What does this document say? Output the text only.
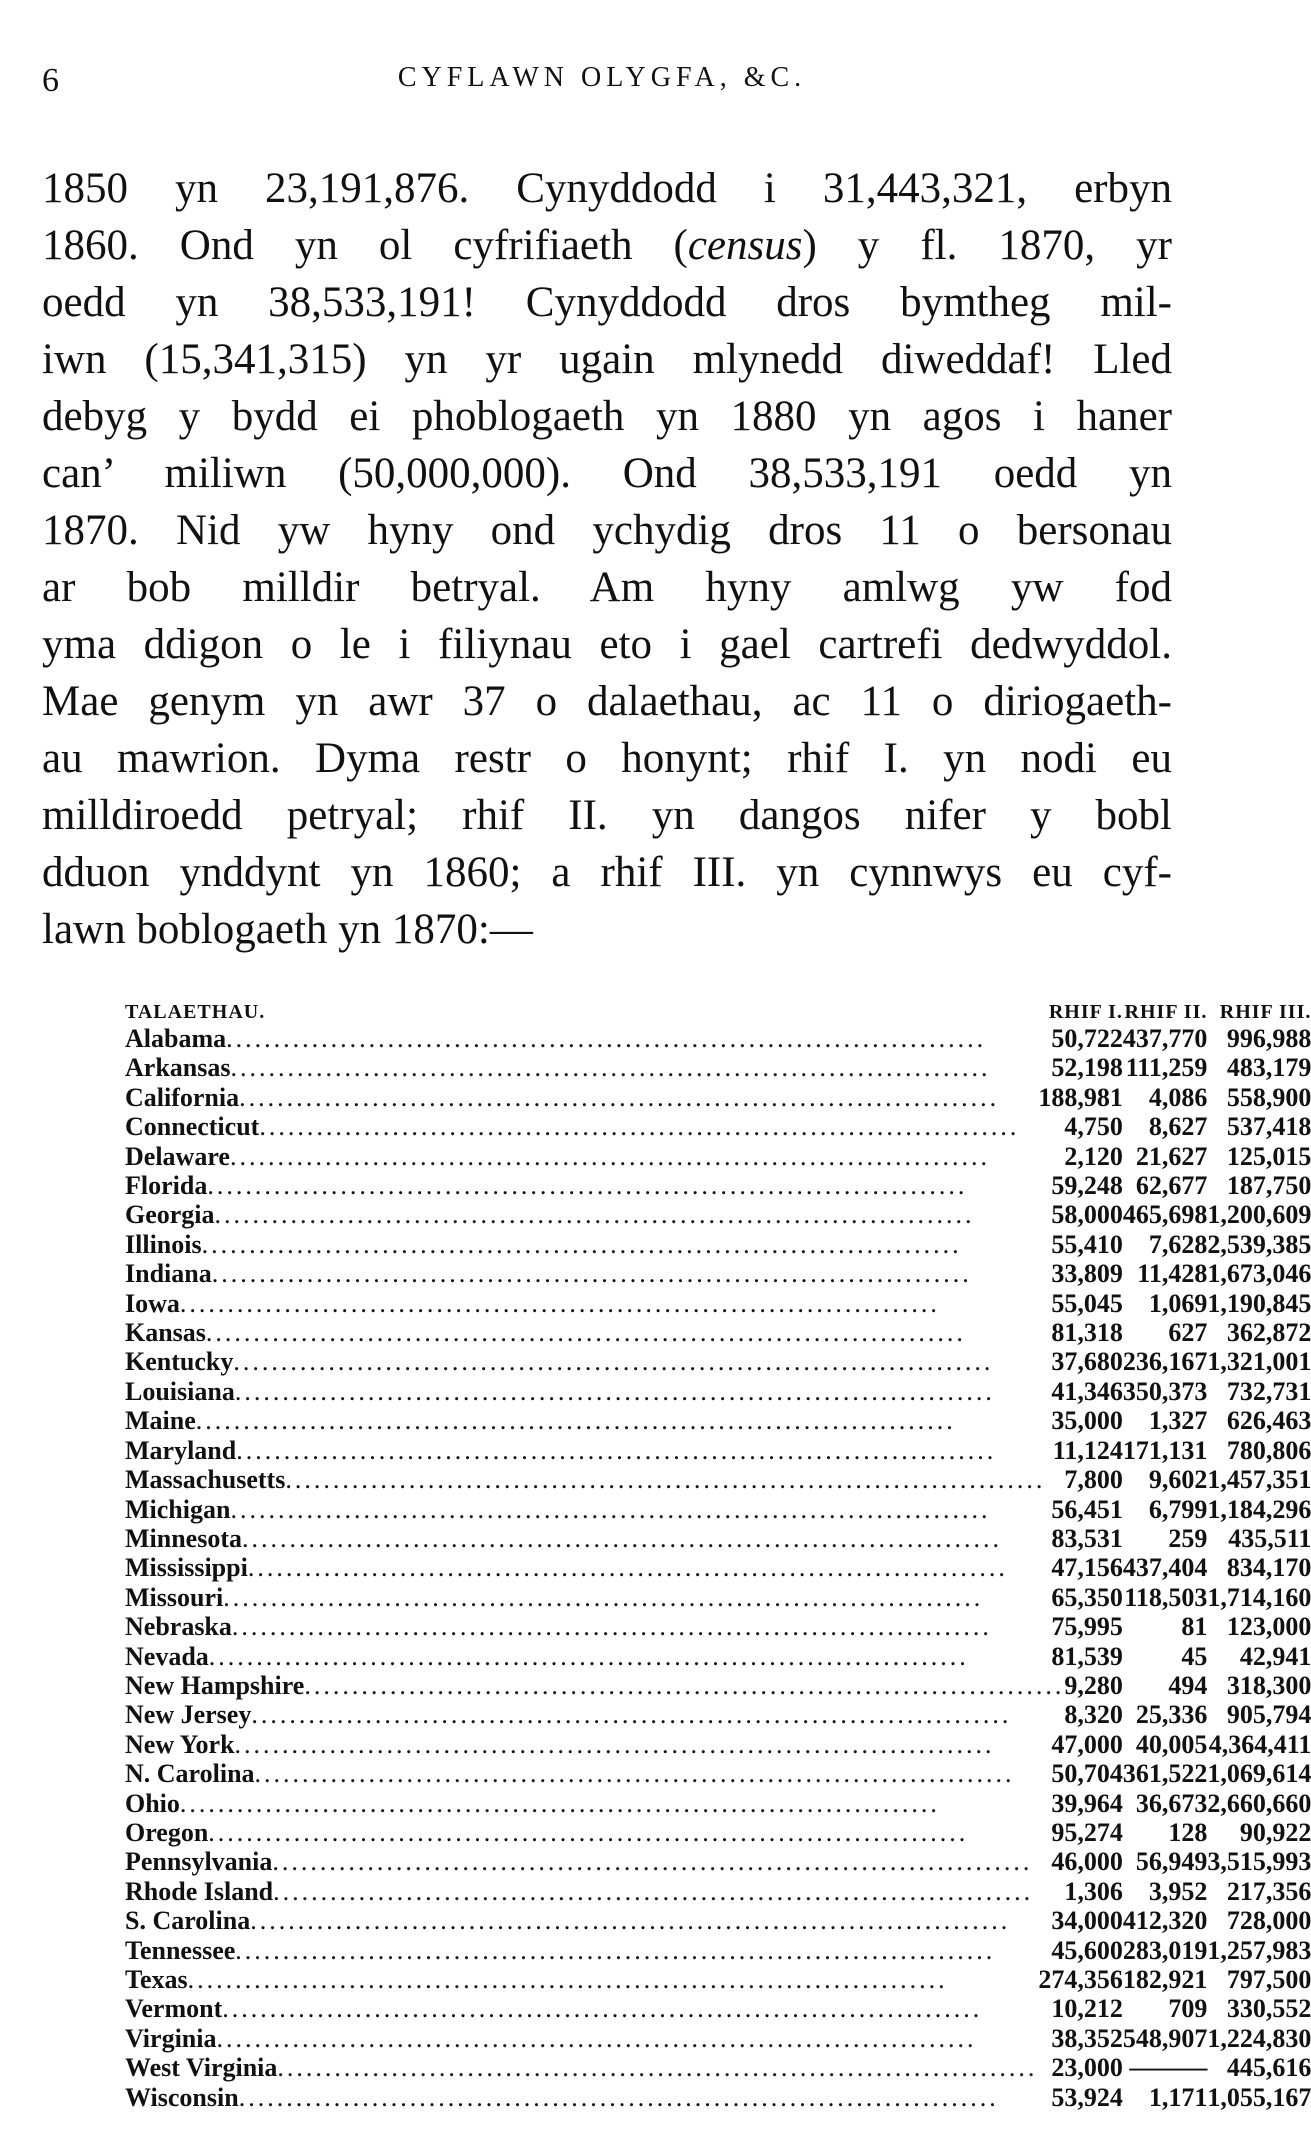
6	CYFLAWN OLYGFA, &C.
1850 yn 23,191,876. Cynyddodd i 31,443,321, erbyn
1860. Ond yn ol cyfrifiaeth (census) y fl. 1870, yr
oedd yn 38,533,191! Cynyddodd dros bymtheg mil-
iwn (15,341,315) yn yr ugain mlynedd diweddaf! Lled
debyg y bydd ei phoblogaeth yn 1880 yn agos i haner
can’ miliwn (50,000,000). Ond 38,533,191 oedd yn
1870. Nid yw hyny ond ychydig dros 11 o bersonau
ar bob milldir betryal. Am hyny amlwg yw fod
yma ddigon o le i filiynau eto i gael cartrefi dedwyddol.
Mae genym yn awr 37 o dalaethau, ac 11 o diriogaeth-
au mawrion. Dyma restr o honynt; rhif I. yn nodi eu
milldiroedd petryal; rhif II. yn dangos nifer y bobl
dduon ynddynt yn 1860; a rhif III. yn cynnwys eu cyf-
lawn boblogaeth yn 1870:—
TALAETHAU. RHIF I.	RHIF II.	RHIF III.

Alabama ................................................................................ 50,722	437,770	996,988

Arkansas ................................................................................ 52,198	111,259	483,179

California ................................................................................ 188,981	4,086	558,900

Connecticut ................................................................................ 4,750	8,627	537,418

Delaware ................................................................................ 2,120	21,627	125,015

Florida ................................................................................ 59,248	62,677	187,750

Georgia ................................................................................ 58,000	465,698	1,200,609

Illinois ................................................................................ 55,410	7,628	2,539,385

Indiana ................................................................................ 33,809	11,428	1,673,046

Iowa ................................................................................ 55,045	1,069	1,190,845

Kansas ................................................................................ 81,318	627	362,872

Kentucky ................................................................................ 37,680	236,167	1,321,001

Louisiana ................................................................................ 41,346	350,373	732,731

Maine ................................................................................ 35,000	1,327	626,463

Maryland ................................................................................ 11,124	171,131	780,806

Massachusetts ................................................................................ 7,800	9,602	1,457,351

Michigan ................................................................................ 56,451	6,799	1,184,296

Minnesota ................................................................................ 83,531	259	435,511

Mississippi ................................................................................ 47,156	437,404	834,170

Missouri ................................................................................ 65,350	118,503	1,714,160

Nebraska ................................................................................ 75,995	81	123,000

Nevada ................................................................................ 81,539	45	42,941

New Hampshire ................................................................................ 9,280	494	318,300

New Jersey ................................................................................ 8,320	25,336	905,794

New York ................................................................................ 47,000	40,005	4,364,411

N. Carolina ................................................................................ 50,704	361,522	1,069,614

Ohio ................................................................................ 39,964	36,673	2,660,660

Oregon ................................................................................ 95,274	128	90,922

Pennsylvania ................................................................................ 46,000	56,949	3,515,993

Rhode Island ................................................................................ 1,306	3,952	217,356

S. Carolina ................................................................................ 34,000	412,320	728,000

Tennessee ................................................................................ 45,600	283,019	1,257,983

Texas ................................................................................ 274,356	182,921	797,500

Vermont ................................................................................ 10,212	709	330,552

Virginia ................................................................................ 38,352	548,907	1,224,830

West Virginia ................................................................................ 23,000	———	445,616

Wisconsin ................................................................................ 53,924	1,171	1,055,167
